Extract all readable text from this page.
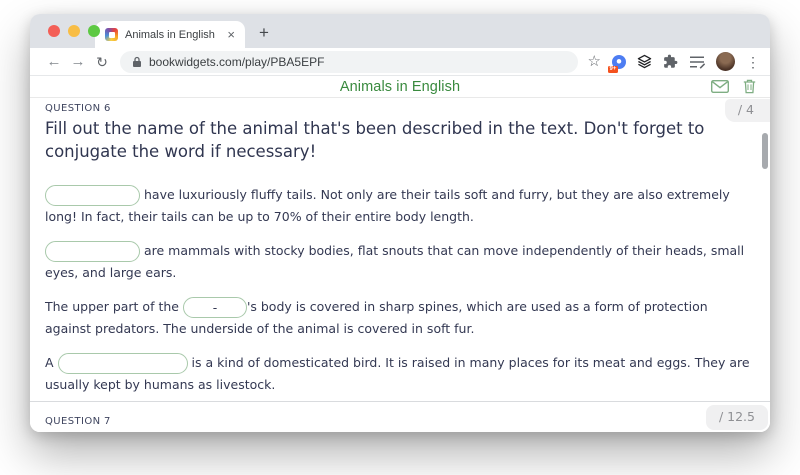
Animals in English × +
← → ↻	bookwidgets.com/play/PBA5EPF	☆ 9+	⋮
Animals in English
/ 4
QUESTION 6
Fill out the name of the animal that's been described in the text. Don't forget to conjugate the word if necessary!

have luxuriously fluffy tails. Not only are their tails soft and furry, but they are also extremely long! In fact, their tails can be up to 70% of their entire body length.

are mammals with stocky bodies, flat snouts that can move independently of their heads, small eyes, and large ears.

The upper part of the -	's body is covered in sharp spines, which are used as a form of protection against predators. The underside of the animal is covered in soft fur.

A	is a kind of domesticated bird. It is raised in many places for its meat and eggs. They are usually kept by humans as livestock.

/ 12.5
QUESTION 7
